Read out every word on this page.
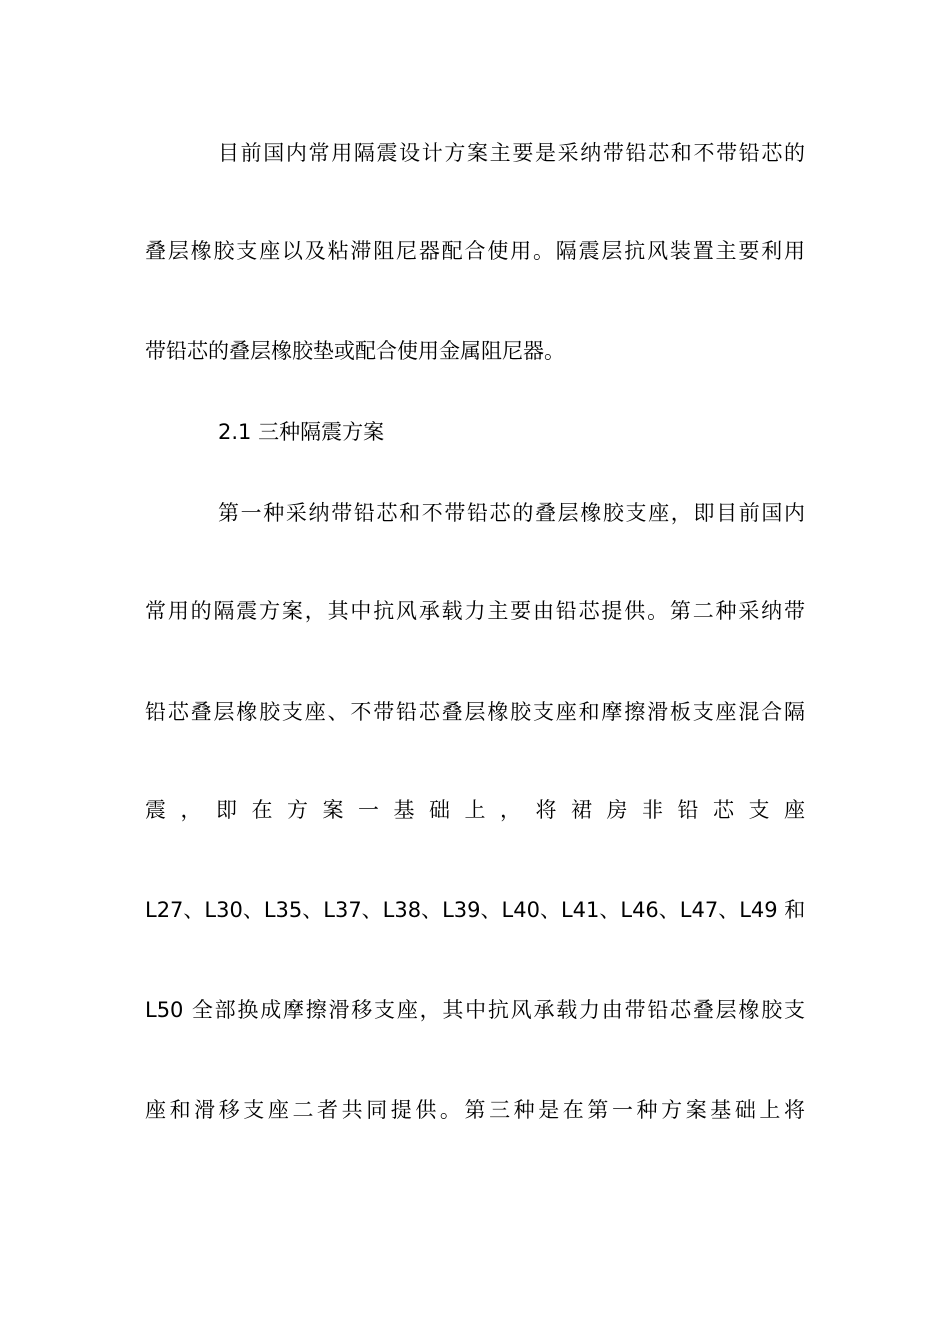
目前国内常用隔震设计方案主要是采纳带铅芯和不带铅芯的
叠层橡胶支座以及粘滞阻尼器配合使用。隔震层抗风装置主要利用
带铅芯的叠层橡胶垫或配合使用金属阻尼器。
2.1 三种隔震方案
第一种采纳带铅芯和不带铅芯的叠层橡胶支座，即目前国内
常用的隔震方案，其中抗风承载力主要由铅芯提供。第二种采纳带
铅芯叠层橡胶支座、不带铅芯叠层橡胶支座和摩擦滑板支座混合隔
震，即在方案一基础上，将裙房非铅芯支座
L27、L30、L35、L37、L38、L39、L40、L41、L46、L47、L49 和
L50 全部换成摩擦滑移支座，其中抗风承载力由带铅芯叠层橡胶支
座和滑移支座二者共同提供。第三种是在第一种方案基础上将
